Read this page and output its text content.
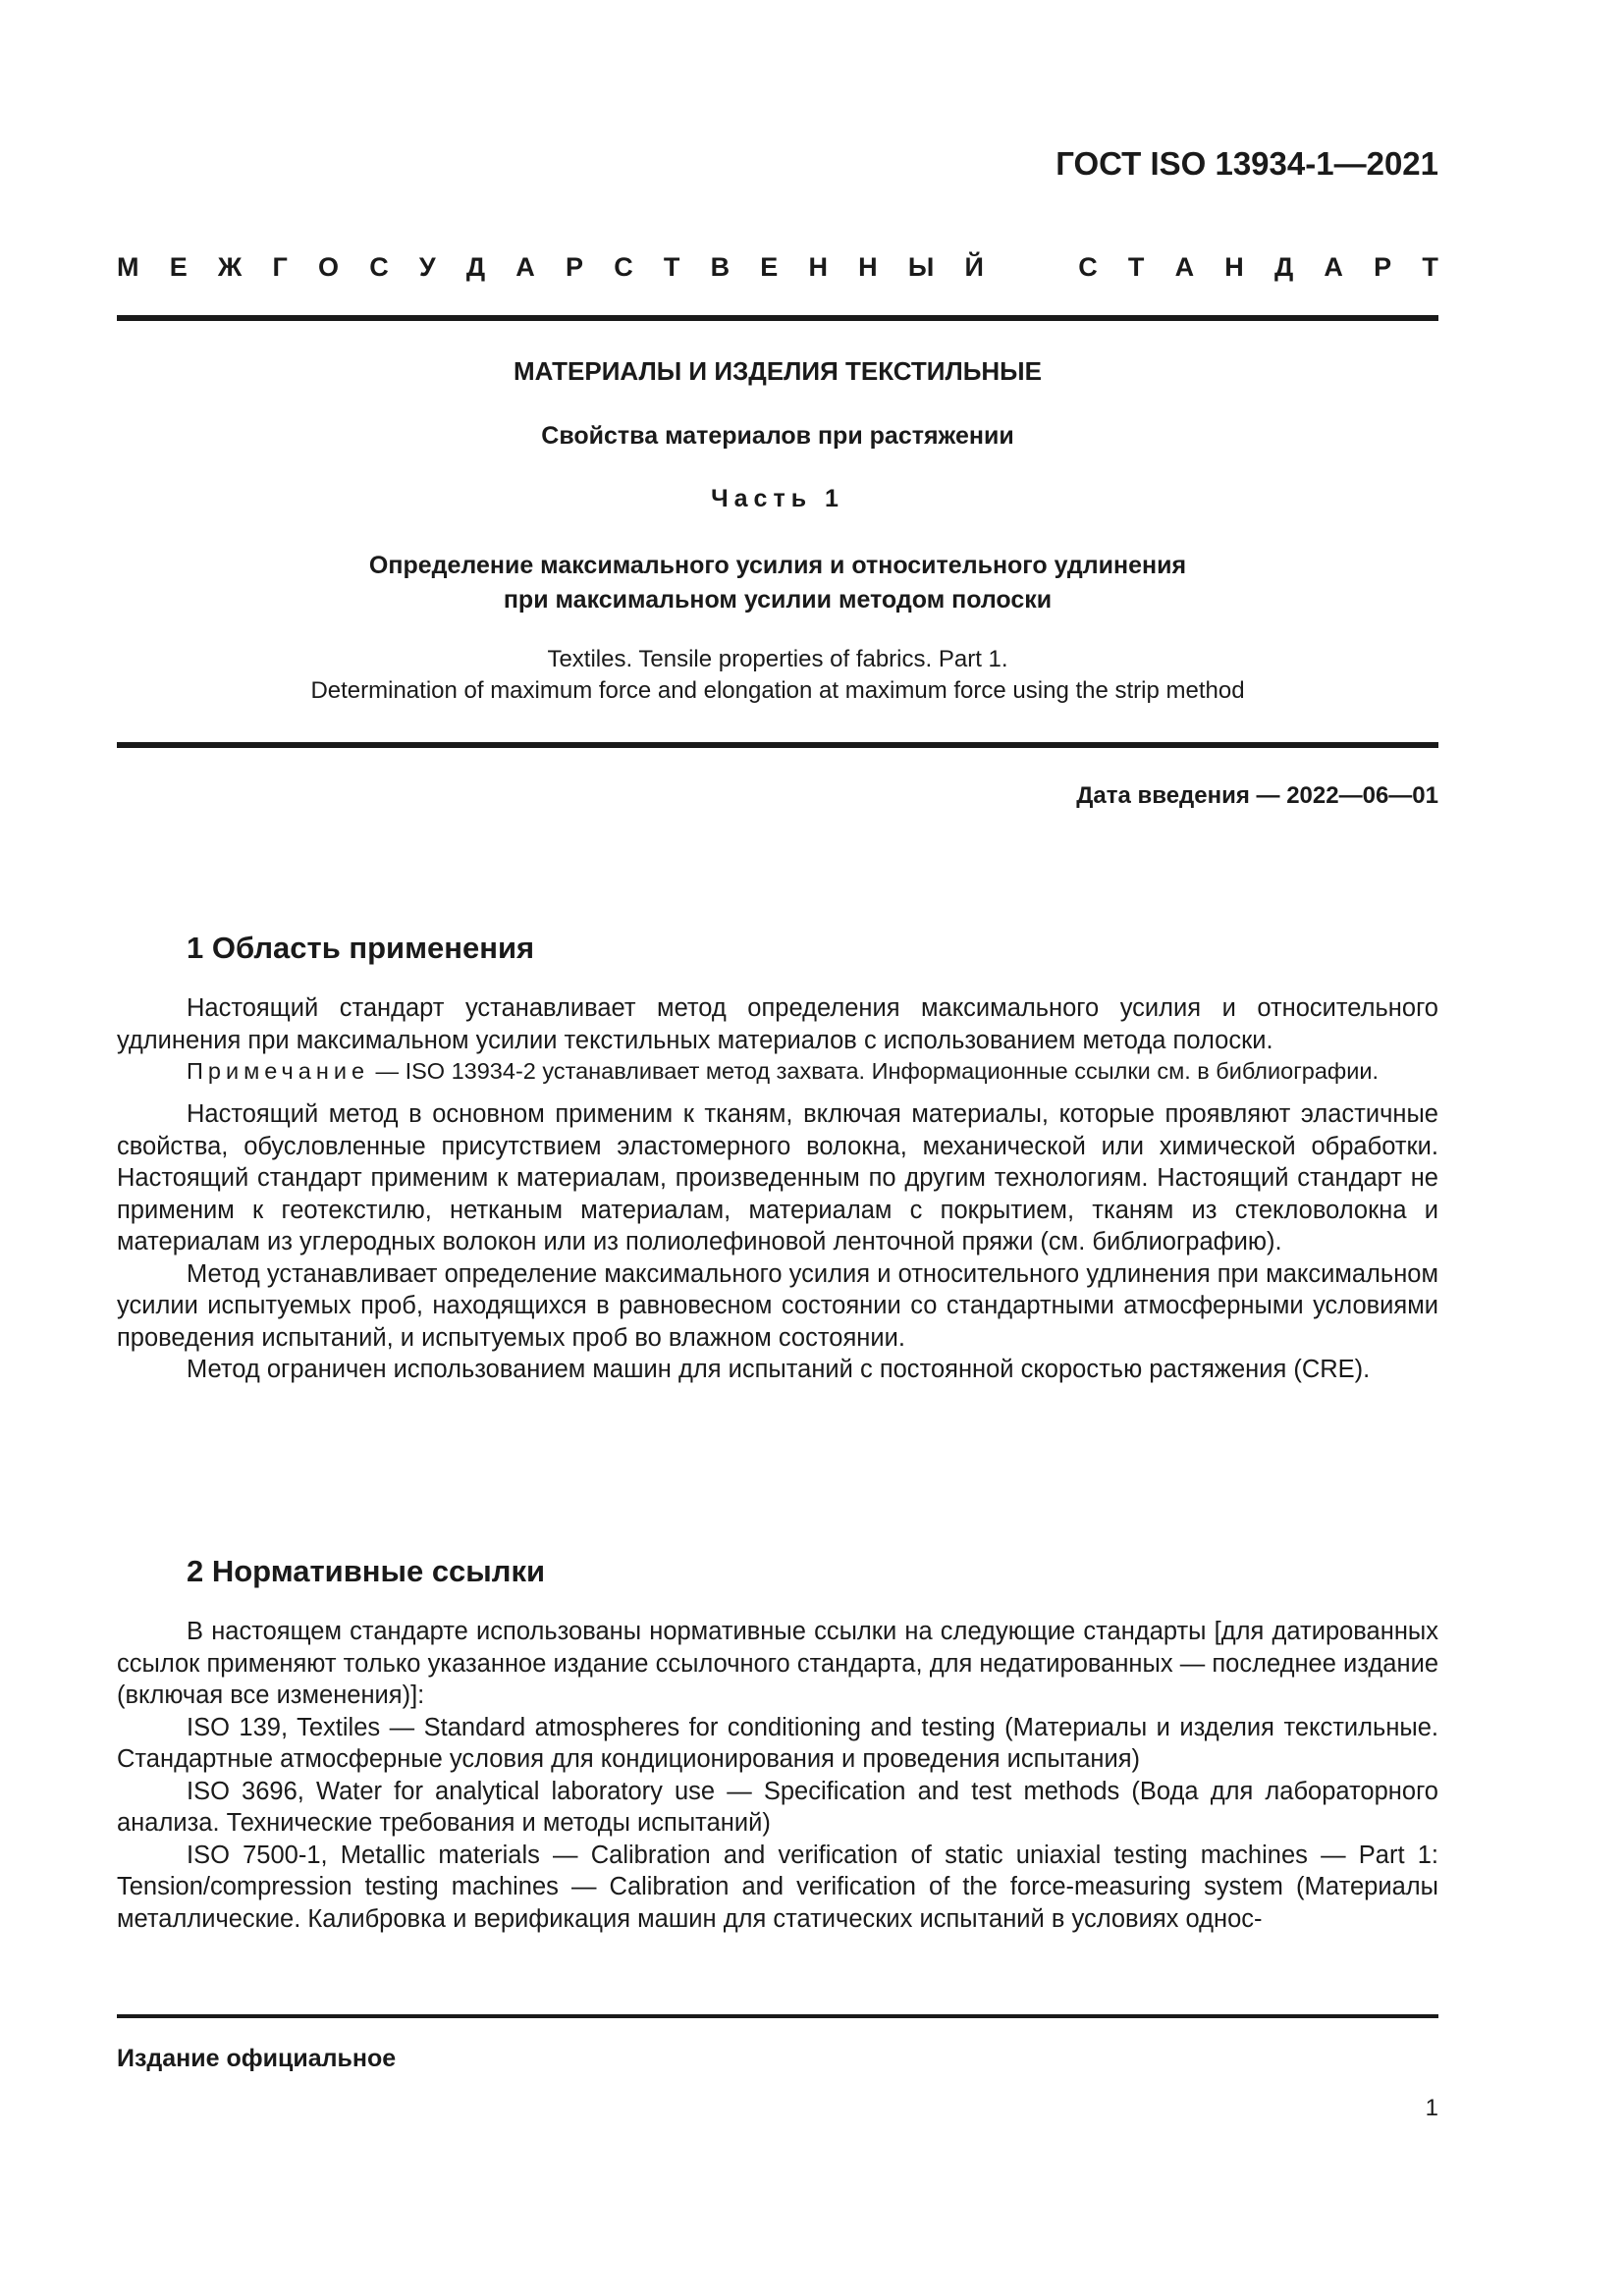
ГОСТ ISO 13934-1—2021
М Е Ж Г О С У Д А Р С Т В Е Н Н Ы Й	С Т А Н Д А Р Т
МАТЕРИАЛЫ И ИЗДЕЛИЯ ТЕКСТИЛЬНЫЕ
Свойства материалов при растяжении
Часть 1
Определение максимального усилия и относительного удлинения
при максимальном усилии методом полоски
Textiles. Tensile properties of fabrics. Part 1.
Determination of maximum force and elongation at maximum force using the strip method
Дата введения — 2022—06—01
1 Область применения

Настоящий стандарт устанавливает метод определения максимального усилия и относительного удлинения при максимальном усилии текстильных материалов с использованием метода полоски.

Примечание — ISO 13934-2 устанавливает метод захвата. Информационные ссылки см. в библиографии.

Настоящий метод в основном применим к тканям, включая материалы, которые проявляют эластичные свойства, обусловленные присутствием эластомерного волокна, механической или химической обработки. Настоящий стандарт применим к материалам, произведенным по другим технологиям. Настоящий стандарт не применим к геотекстилю, нетканым материалам, материалам с покрытием, тканям из стекловолокна и материалам из углеродных волокон или из полиолефиновой ленточной пряжи (см. библиографию).

Метод устанавливает определение максимального усилия и относительного удлинения при максимальном усилии испытуемых проб, находящихся в равновесном состоянии со стандартными атмосферными условиями проведения испытаний, и испытуемых проб во влажном состоянии.

Метод ограничен использованием машин для испытаний с постоянной скоростью растяжения (CRE).

2 Нормативные ссылки

В настоящем стандарте использованы нормативные ссылки на следующие стандарты [для датированных ссылок применяют только указанное издание ссылочного стандарта, для недатированных — последнее издание (включая все изменения)]:

ISO 139, Textiles — Standard atmospheres for conditioning and testing (Материалы и изделия текстильные. Стандартные атмосферные условия для кондиционирования и проведения испытания)

ISO 3696, Water for analytical laboratory use — Specification and test methods (Вода для лабораторного анализа. Технические требования и методы испытаний)

ISO 7500-1, Metallic materials — Calibration and verification of static uniaxial testing machines — Part 1: Tension/compression testing machines — Calibration and verification of the force-measuring system (Материалы металлические. Калибровка и верификация машин для статических испытаний в условиях однос-

Издание официальное
1
